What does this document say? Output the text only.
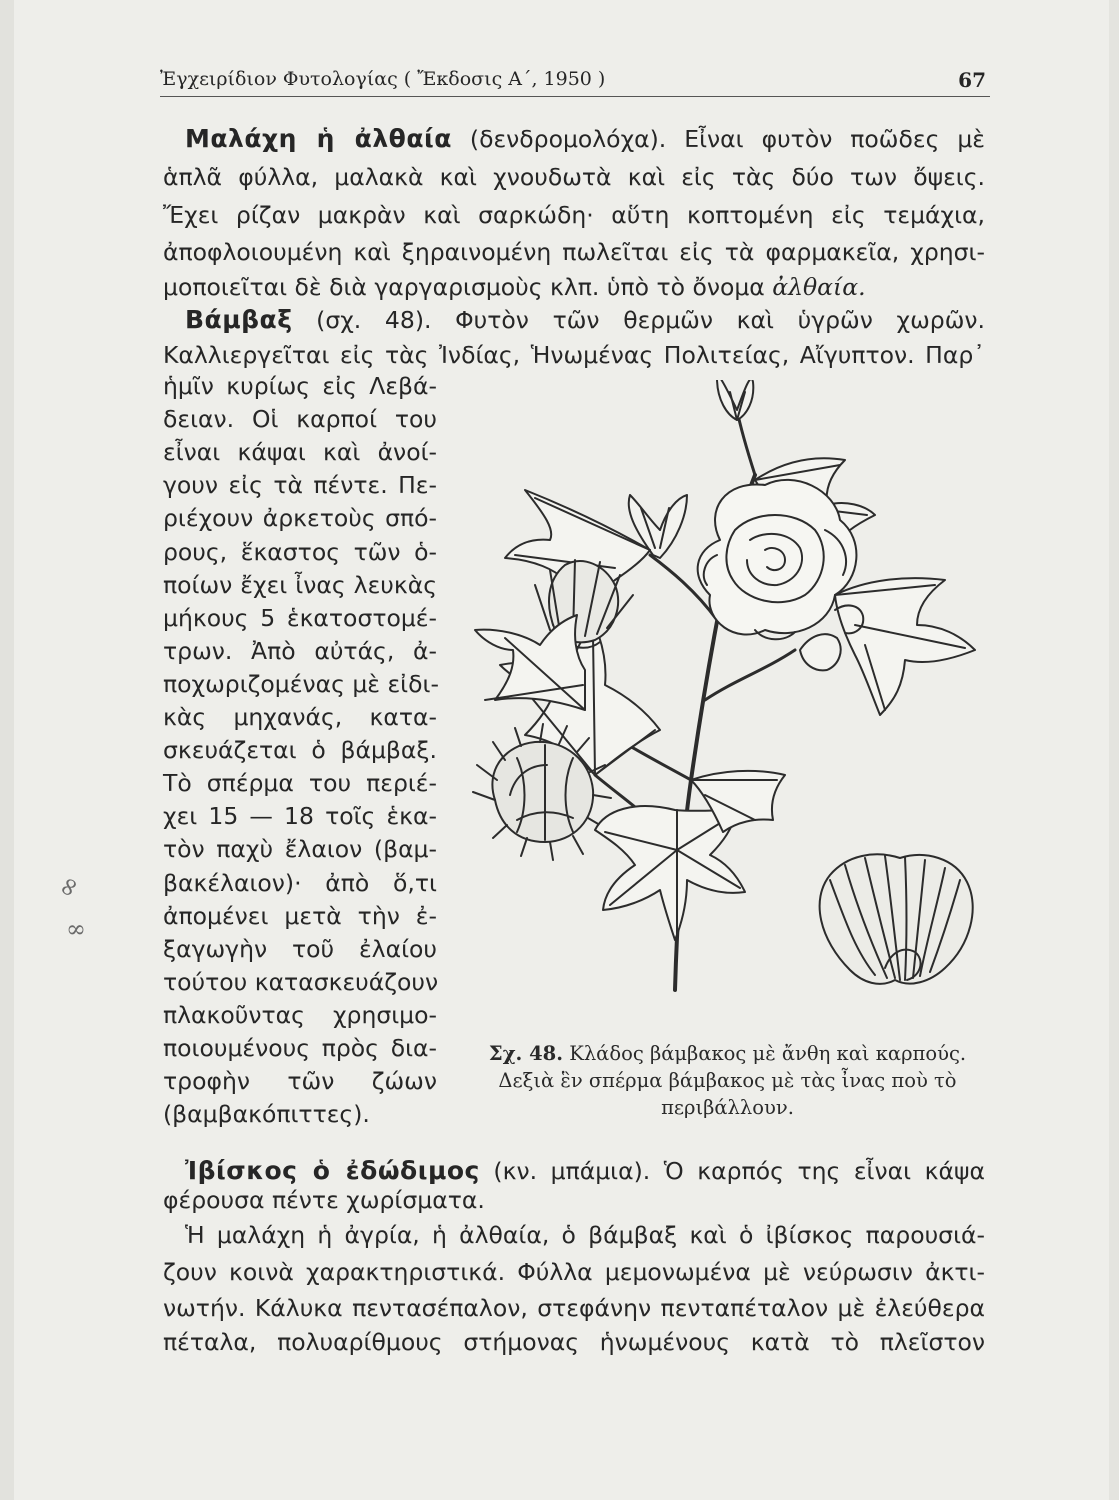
Ἐγχειρίδιον Φυτολογίας ( Ἔκδοσις Α΄, 1950 )	67
Μαλάχη ἡ ἀλθαία (δενδρομολόχα). Εἶναι φυτὸν ποῶδες μὲ
ἁπλᾶ φύλλα, μαλακὰ καὶ χνουδωτὰ καὶ εἰς τὰς δύο των ὄψεις.
Ἔχει ρίζαν μακρὰν καὶ σαρκώδη· αὕτη κοπτομένη εἰς τεμάχια,
ἀποφλοιουμένη καὶ ξηραινομένη πωλεῖται εἰς τὰ φαρμακεῖα, χρησι-
μοποιεῖται δὲ διὰ γαργαρισμοὺς κλπ. ὑπὸ τὸ ὄνομα ἀλθαία.
Βάμβαξ (σχ. 48). Φυτὸν τῶν θερμῶν καὶ ὑγρῶν χωρῶν.
Καλλιεργεῖται εἰς τὰς Ἰνδίας, Ἡνωμένας Πολιτείας, Αἴγυπτον. Παρ᾽
ἡμῖν κυρίως εἰς Λεβά-
δειαν. Οἱ καρποί του
εἶναι κάψαι καὶ ἀνοί-
γουν εἰς τὰ πέντε. Πε-
ριέχουν ἀρκετοὺς σπό-
ρους, ἕκαστος τῶν ὁ-
ποίων ἔχει ἶνας λευκὰς
μήκους 5 ἑκατοστομέ-
τρων. Ἀπὸ αὐτάς, ἀ-
ποχωριζομένας μὲ εἰδι-
κὰς μηχανάς, κατα-
σκευάζεται ὁ βάμβαξ.
Τὸ σπέρμα του περιέ-
χει 15 — 18 τοῖς ἑκα-
τὸν παχὺ ἔλαιον (βαμ-
βακέλαιον)· ἀπὸ ὅ,τι
ἀπομένει μετὰ τὴν ἐ-
ξαγωγὴν τοῦ ἐλαίου
τούτου κατασκευάζουν
πλακοῦντας χρησιμο-
ποιουμένους πρὸς δια-
τροφὴν τῶν ζώων
(βαμβακόπιττες).
Σχ. 48. Κλάδος βάμβακος μὲ ἄνθη καὶ καρπούς.
Δεξιὰ ἓν σπέρμα βάμβακος μὲ τὰς ἶνας ποὺ τὸ
περιβάλλουν.
Ἰβίσκος ὁ ἐδώδιμος (κν. μπάμια). Ὁ καρπός της εἶναι κάψα
φέρουσα πέντε χωρίσματα.
Ἡ μαλάχη ἡ ἀγρία, ἡ ἀλθαία, ὁ βάμβαξ καὶ ὁ ἰβίσκος παρουσιά-
ζουν κοινὰ χαρακτηριστικά. Φύλλα μεμονωμένα μὲ νεύρωσιν ἀκτι-
νωτήν. Κάλυκα πεντασέπαλον, στεφάνην πενταπέταλον μὲ ἐλεύθερα
πέταλα, πολυαρίθμους στήμονας ἡνωμένους κατὰ τὸ πλεῖστον
∞
∞
